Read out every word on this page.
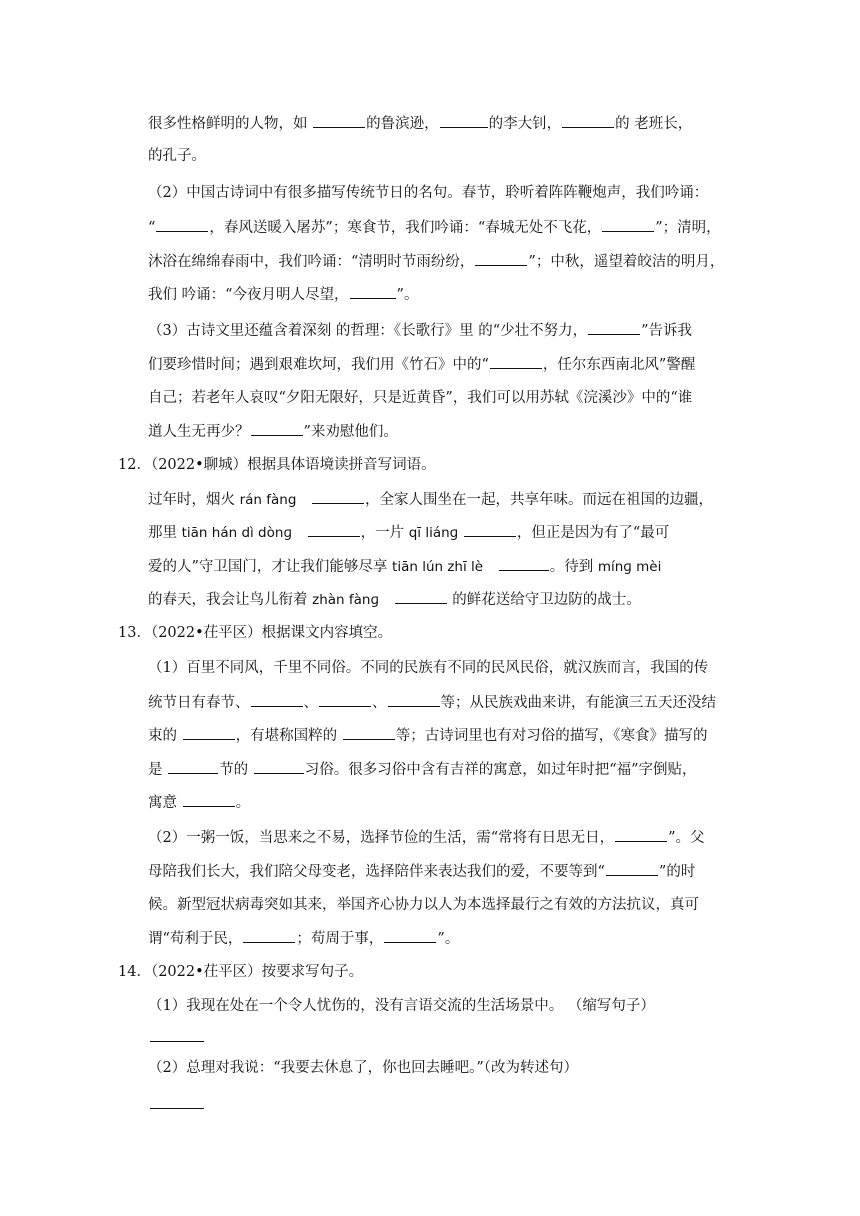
很多性格鲜明的人物，如	的鲁滨逊，	的李大钊，	的 老班长，
的孔子。
（2）中国古诗词中有很多描写传统节日的名句。春节，聆听着阵阵鞭炮声，我们吟诵：
“	，春风送暖入屠苏”；寒食节，我们吟诵：“春城无处不飞花，	”；清明，
沐浴在绵绵春雨中，我们吟诵：“清明时节雨纷纷，	”；中秋，遥望着皎洁的明月，
我们 吟诵：“今夜月明人尽望，	”。
（3）古诗文里还蕴含着深刻 的哲理：《长歌行》里 的“少壮不努力，	”告诉我
们要珍惜时间；遇到艰难坎坷，我们用《竹石》中的“	，任尔东西南北风”警醒
自己；若老年人哀叹“夕阳无限好，只是近黄昏”，我们可以用苏轼《浣溪沙》中的“谁
道人生无再少？	”来劝慰他们。
12．（2022•聊城）根据具体语境读拼音写词语。
过年时，烟火 rán fàng	，全家人围坐在一起，共享年味。而远在祖国的边疆，
那里 tiān hán dì dònɡ	，一片 qī liánɡ	，但正是因为有了“最可
爱的人”守卫国门，才让我们能够尽享 tiān lún zhī lè	。待到 mínɡ mèi
的春天，我会让鸟儿衔着 zhàn fànɡ	的鲜花送给守卫边防的战士。
13．（2022•茌平区）根据课文内容填空。
（1）百里不同风，千里不同俗。不同的民族有不同的民风民俗，就汉族而言，我国的传
统节日有春节、	、	、	等；从民族戏曲来讲，有能演三五天还没结
束的	，有堪称国粹的	等；古诗词里也有对习俗的描写，《寒食》描写的
是	节的	习俗。很多习俗中含有吉祥的寓意，如过年时把“福”字倒贴，
寓意	。
（2）一粥一饭，当思来之不易，选择节俭的生活，需“常将有日思无日，	”。父
母陪我们长大，我们陪父母变老，选择陪伴来表达我们的爱，不要等到“	”的时
候。新型冠状病毒突如其来，举国齐心协力以人为本选择最行之有效的方法抗议，真可
谓“苟利于民，	；苟周于事，	”。
14．（2022•茌平区）按要求写句子。
（1）我现在处在一个令人忧伤的，没有言语交流的生活场景中。 （缩写句子）
（2）总理对我说：“我要去休息了，你也回去睡吧。”（改为转述句）
